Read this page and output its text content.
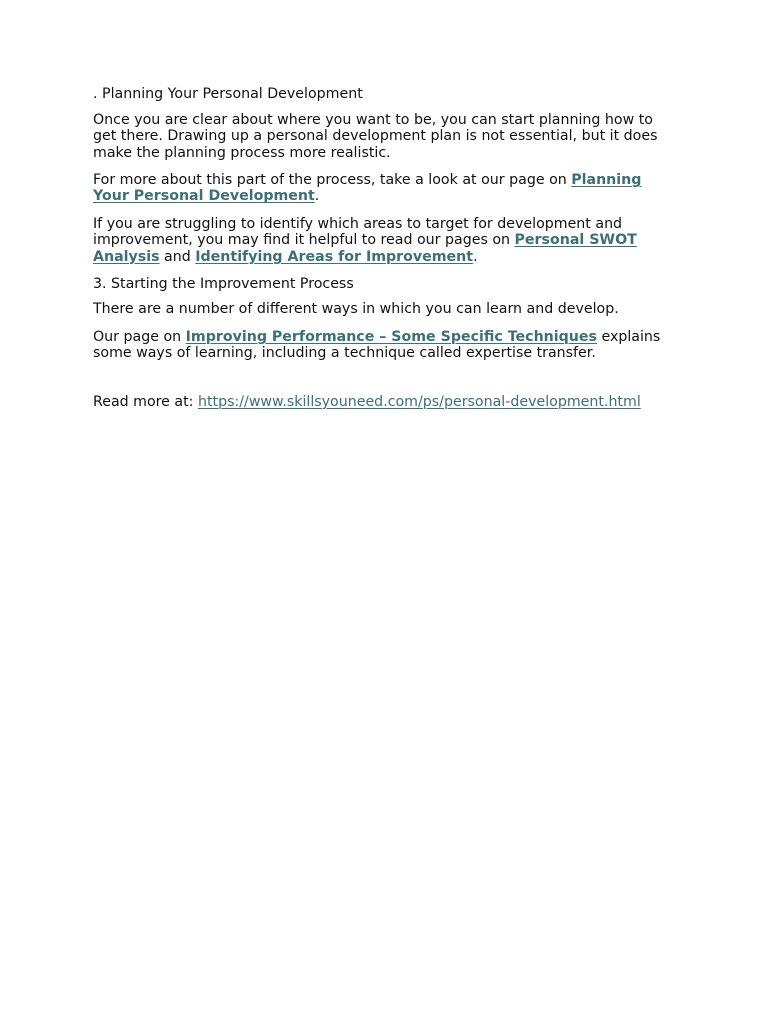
. Planning Your Personal Development

Once you are clear about where you want to be, you can start planning how to get there. Drawing up a personal development plan is not essential, but it does make the planning process more realistic.

For more about this part of the process, take a look at our page on Planning Your Personal Development.

If you are struggling to identify which areas to target for development and improvement, you may find it helpful to read our pages on Personal SWOT Analysis and Identifying Areas for Improvement.

3. Starting the Improvement Process

There are a number of different ways in which you can learn and develop.

Our page on Improving Performance – Some Specific Techniques explains some ways of learning, including a technique called expertise transfer.

Read more at: https://www.skillsyouneed.com/ps/personal-development.html
